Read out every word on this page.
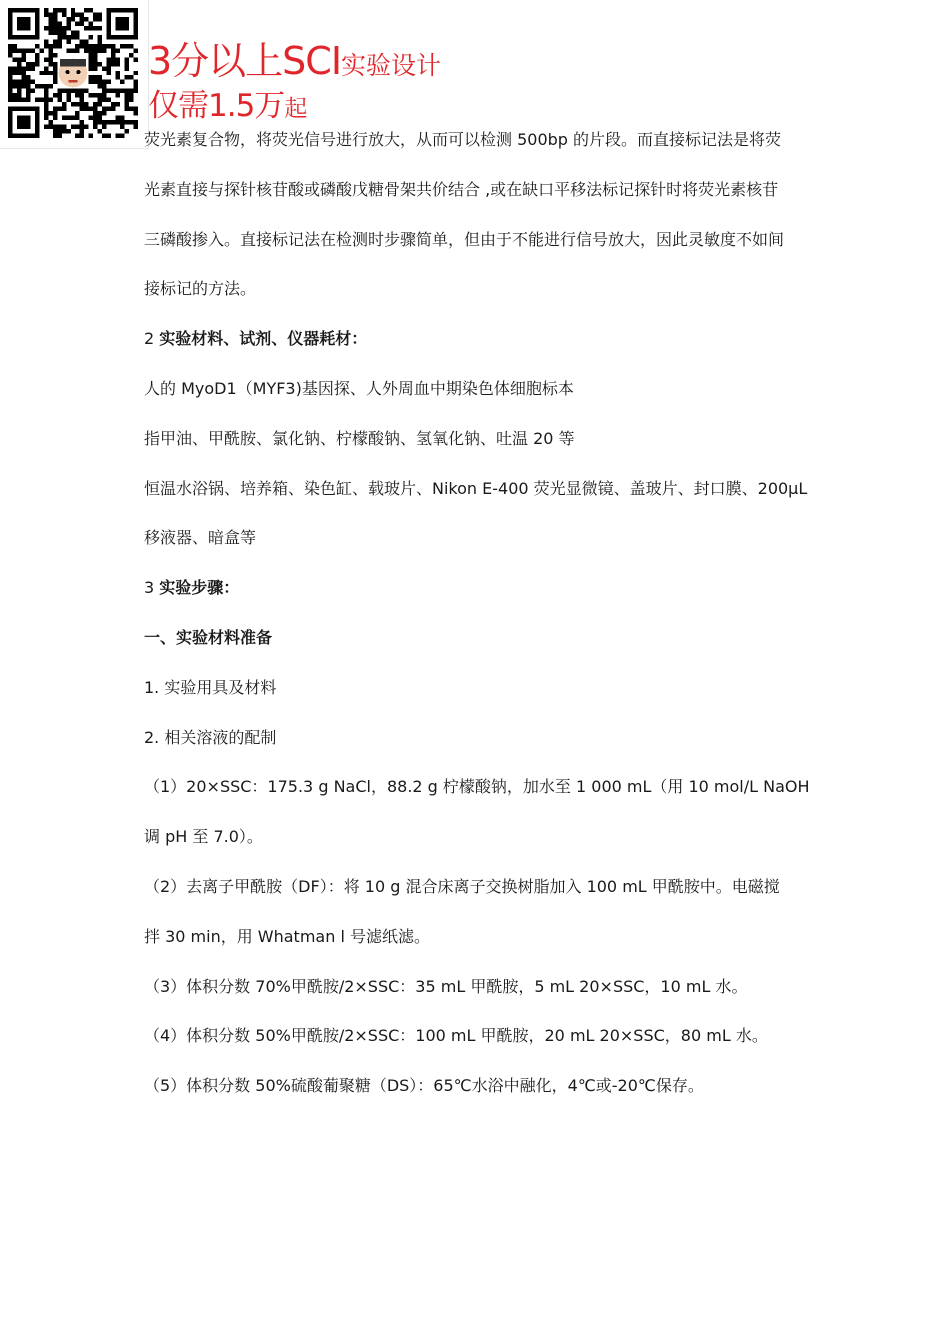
3分以上SCI实验设计
仅需1.5万起
荧光素复合物，将荧光信号进行放大，从而可以检测 500bp 的片段。而直接标记法是将荧
光素直接与探针核苷酸或磷酸戊糖骨架共价结合 ,或在缺口平移法标记探针时将荧光素核苷
三磷酸掺入。直接标记法在检测时步骤简单，但由于不能进行信号放大，因此灵敏度不如间
接标记的方法。
2 实验材料、试剂、仪器耗材：
人的 MyoD1（MYF3)基因探、人外周血中期染色体细胞标本
指甲油、甲酰胺、氯化钠、柠檬酸钠、氢氧化钠、吐温 20 等
恒温水浴锅、培养箱、染色缸、载玻片、Nikon E-400 荧光显微镜、盖玻片、封口膜、200μL
移液器、暗盒等
3 实验步骤：
一、实验材料准备
1. 实验用具及材料
2. 相关溶液的配制
（1）20×SSC：175.3 g NaCl，88.2 g 柠檬酸钠，加水至 1 000 mL（用 10 mol/L NaOH
调 pH 至 7.0）。
（2）去离子甲酰胺（DF）：将 10 g 混合床离子交换树脂加入 100 mL 甲酰胺中。电磁搅
拌 30 min，用 Whatman l 号滤纸滤。
（3）体积分数 70%甲酰胺/2×SSC：35 mL 甲酰胺，5 mL 20×SSC，10 mL 水。
（4）体积分数 50%甲酰胺/2×SSC：100 mL 甲酰胺，20 mL 20×SSC，80 mL 水。
（5）体积分数 50%硫酸葡聚糖（DS）：65℃水浴中融化，4℃或-20℃保存。
